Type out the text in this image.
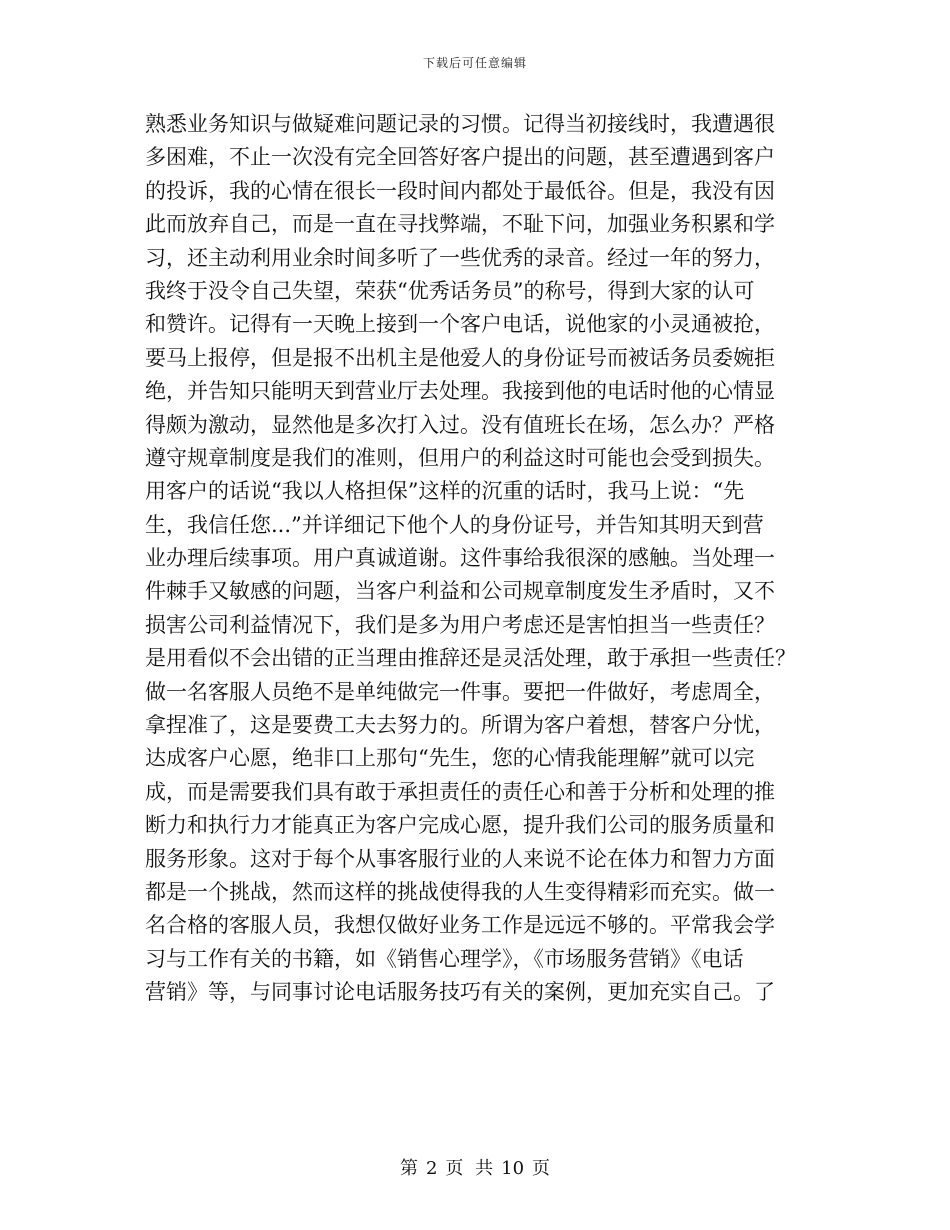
下载后可任意编辑
熟悉业务知识与做疑难问题记录的习惯。记得当初接线时，我遭遇很
多困难，不止一次没有完全回答好客户提出的问题，甚至遭遇到客户
的投诉，我的心情在很长一段时间内都处于最低谷。但是，我没有因
此而放弃自己，而是一直在寻找弊端，不耻下问，加强业务积累和学
习，还主动利用业余时间多听了一些优秀的录音。经过一年的努力，
我终于没令自己失望，荣获“优秀话务员”的称号，得到大家的认可
和赞许。记得有一天晚上接到一个客户电话，说他家的小灵通被抢，
要马上报停，但是报不出机主是他爱人的身份证号而被话务员委婉拒
绝，并告知只能明天到营业厅去处理。我接到他的电话时他的心情显
得颇为激动，显然他是多次打入过。没有值班长在场，怎么办？严格
遵守规章制度是我们的准则，但用户的利益这时可能也会受到损失。
用客户的话说“我以人格担保”这样的沉重的话时，我马上说：“先
生，我信任您...”并详细记下他个人的身份证号，并告知其明天到营
业办理后续事项。用户真诚道谢。这件事给我很深的感触。当处理一
件棘手又敏感的问题，当客户利益和公司规章制度发生矛盾时，又不
损害公司利益情况下，我们是多为用户考虑还是害怕担当一些责任？
是用看似不会出错的正当理由推辞还是灵活处理，敢于承担一些责任？
做一名客服人员绝不是单纯做完一件事。要把一件做好，考虑周全，
拿捏准了，这是要费工夫去努力的。所谓为客户着想，替客户分忧，
达成客户心愿，绝非口上那句“先生，您的心情我能理解”就可以完
成，而是需要我们具有敢于承担责任的责任心和善于分析和处理的推
断力和执行力才能真正为客户完成心愿，提升我们公司的服务质量和
服务形象。这对于每个从事客服行业的人来说不论在体力和智力方面
都是一个挑战，然而这样的挑战使得我的人生变得精彩而充实。做一
名合格的客服人员，我想仅做好业务工作是远远不够的。平常我会学
习与工作有关的书籍，如《销售心理学》，《市场服务营销》《电话
营销》等，与同事讨论电话服务技巧有关的案例，更加充实自己。了
第 2 页 共 10 页
